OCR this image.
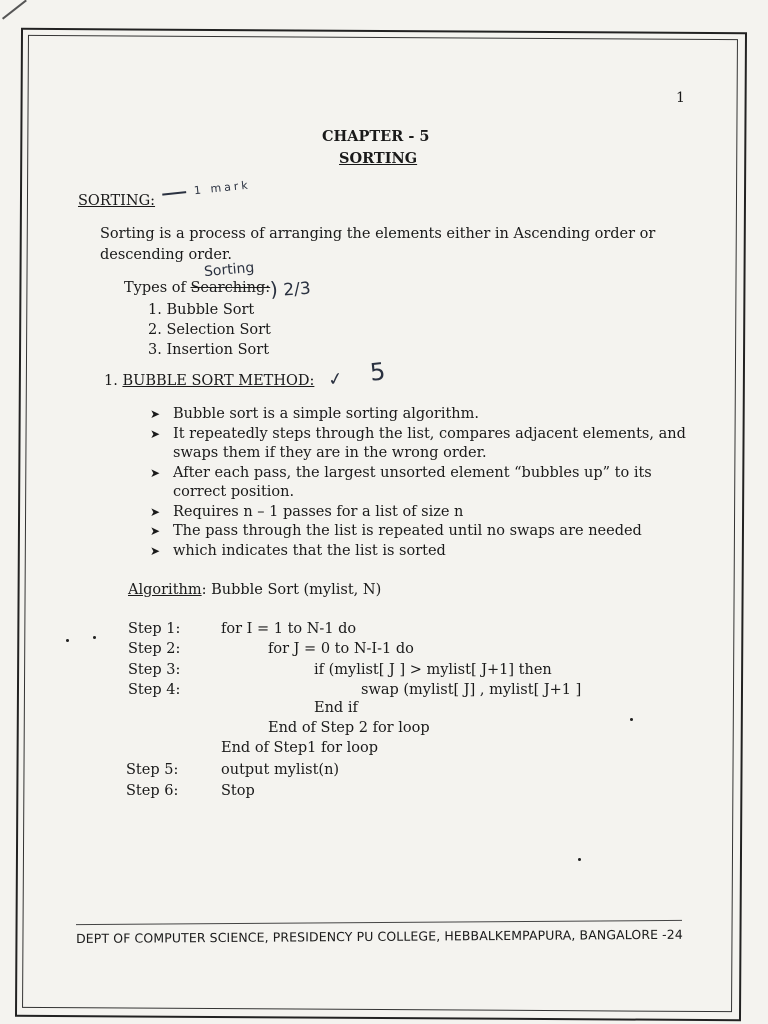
1
CHAPTER - 5
SORTING
SORTING:
1 mark
Sorting is a process of arranging the elements either in Ascending order or descending order.
Sorting
Types of Searching: ) 2/3
1. Bubble Sort
2. Selection Sort
3. Insertion Sort
1. BUBBLE SORT METHOD: ✓ 5
➤ Bubble sort is a simple sorting algorithm.
➤ It repeatedly steps through the list, compares adjacent elements, and swaps them if they are in the wrong order.
➤ After each pass, the largest unsorted element “bubbles up” to its correct position.
➤ Requires n – 1 passes for a list of size n
➤ The pass through the list is repeated until no swaps are needed
➤ which indicates that the list is sorted
Algorithm: Bubble Sort (mylist, N)
Step 1:	for I = 1 to N-1 do
Step 2:	for J = 0 to N-I-1 do
Step 3:	if (mylist[ J ] > mylist[ J+1] then
Step 4:	swap (mylist[ J] , mylist[ J+1 ]
End if
End of Step 2 for loop
End of Step1 for loop
Step 5:	output mylist(n)
Step 6:	Stop
DEPT OF COMPUTER SCIENCE, PRESIDENCY PU COLLEGE, HEBBALKEMPAPURA, BANGALORE -24
